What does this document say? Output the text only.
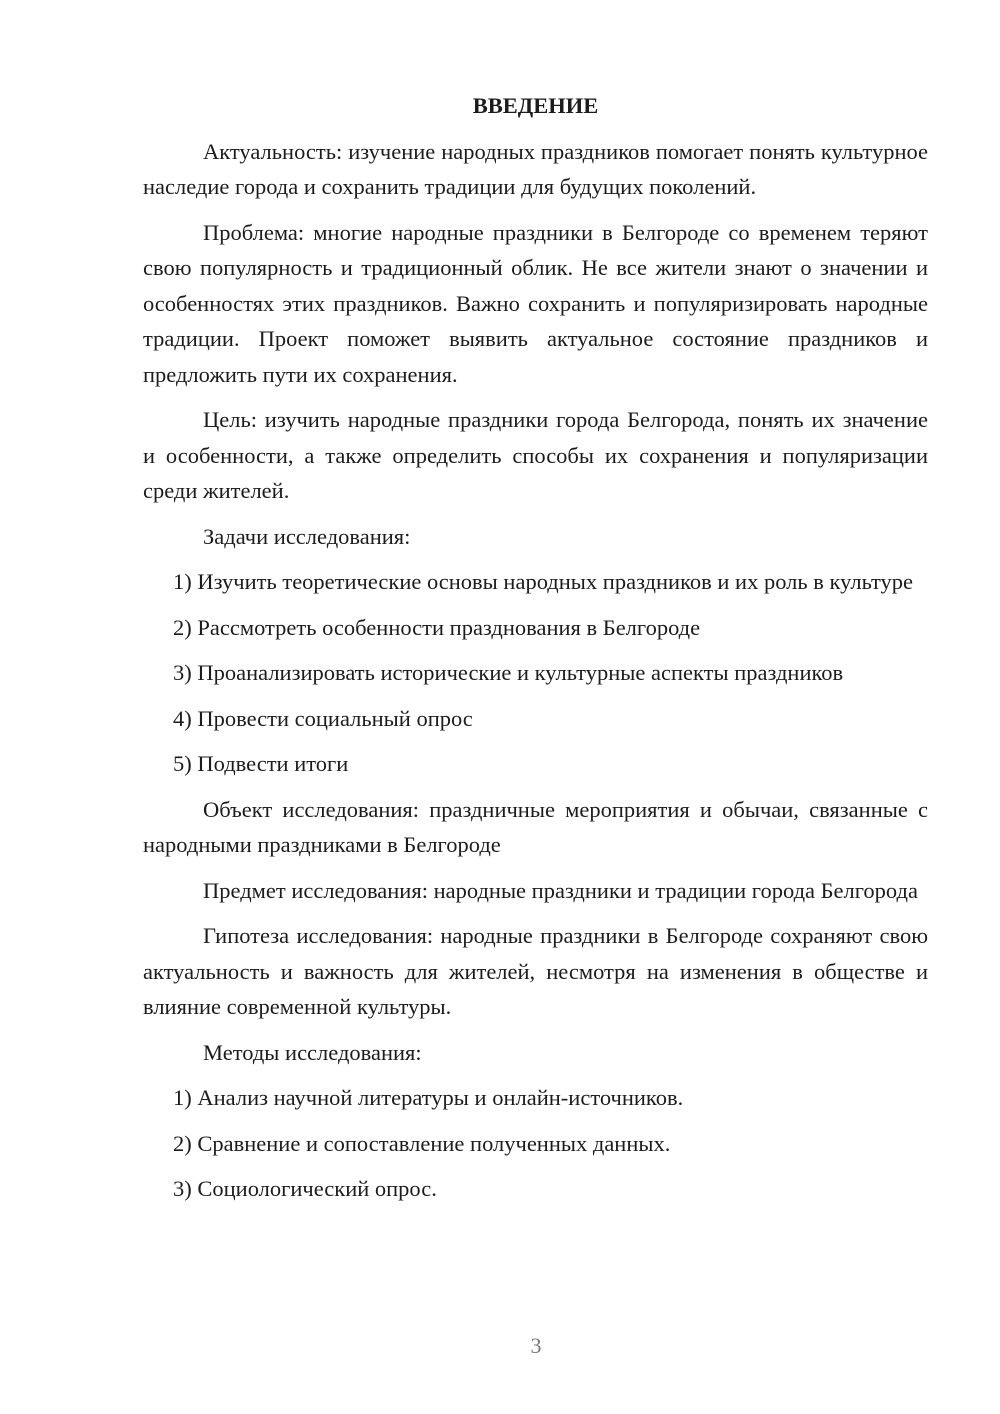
ВВЕДЕНИЕ

Актуальность: изучение народных праздников помогает понять культурное наследие города и сохранить традиции для будущих поколений.

Проблема: многие народные праздники в Белгороде со временем теряют свою популярность и традиционный облик. Не все жители знают о значении и особенностях этих праздников. Важно сохранить и популяризировать народные традиции. Проект поможет выявить актуальное состояние праздников и предложить пути их сохранения.

Цель: изучить народные праздники города Белгорода, понять их значение и особенности, а также определить способы их сохранения и популяризации среди жителей.

Задачи исследования:

1) Изучить теоретические основы народных праздников и их роль в культуре

2) Рассмотреть особенности празднования в Белгороде

3) Проанализировать исторические и культурные аспекты праздников

4) Провести социальный опрос

5) Подвести итоги

Объект исследования: праздничные мероприятия и обычаи, связанные с народными праздниками в Белгороде

Предмет исследования: народные праздники и традиции города Белгорода

Гипотеза исследования: народные праздники в Белгороде сохраняют свою актуальность и важность для жителей, несмотря на изменения в обществе и влияние современной культуры.

Методы исследования:

1) Анализ научной литературы и онлайн-источников.

2) Сравнение и сопоставление полученных данных.

3) Социологический опрос.

3
